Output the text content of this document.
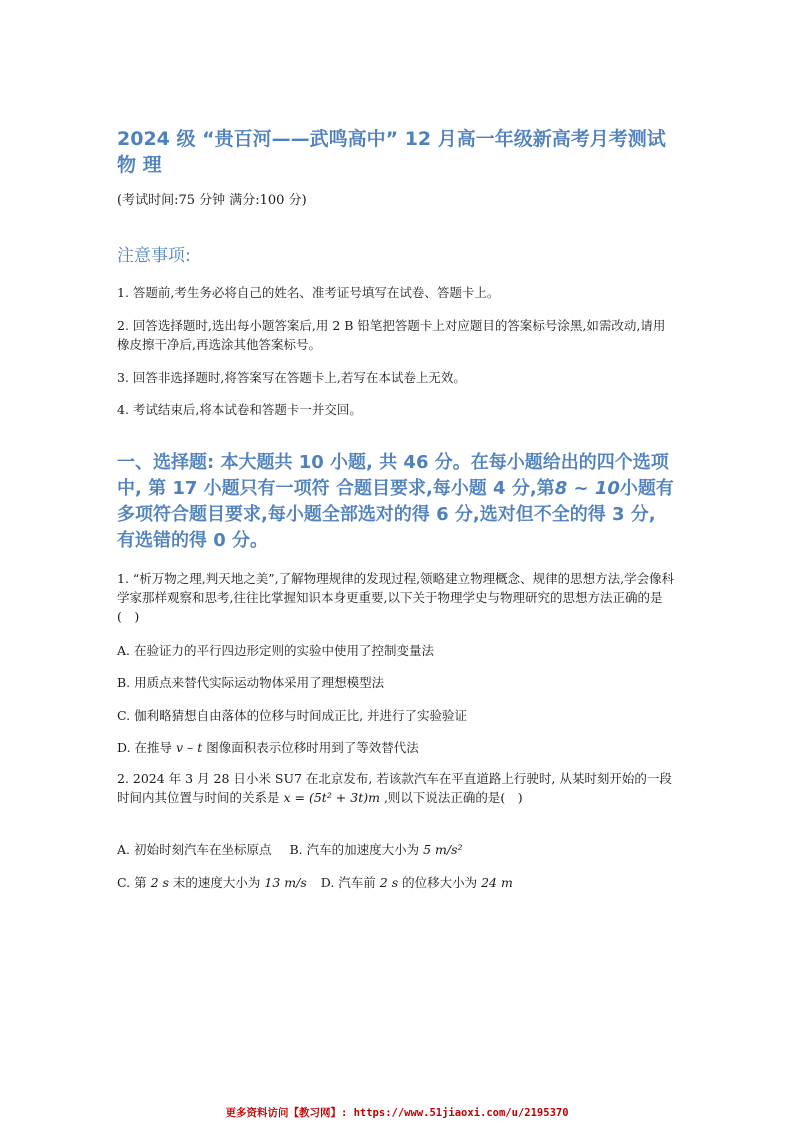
2024 级 “贵百河——武鸣高中” 12 月高一年级新高考月考测试 物 理
(考试时间:75 分钟 满分:100 分)
注意事项:
1. 答题前,考生务必将自己的姓名、准考证号填写在试卷、答题卡上。
2. 回答选择题时,选出每小题答案后,用 2 B 铅笔把答题卡上对应题目的答案标号涂黑,如需改动,请用橡皮擦干净后,再选涂其他答案标号。
3. 回答非选择题时,将答案写在答题卡上,若写在本试卷上无效。
4. 考试结束后,将本试卷和答题卡一并交回。
一、选择题: 本大题共 10 小题, 共 46 分。在每小题给出的四个选项中, 第 17 小题只有一项符 合题目要求,每小题 4 分,第8 ~ 10小题有多项符合题目要求,每小题全部选对的得 6 分,选对但不全的得 3 分, 有选错的得 0 分。
1. “析万物之理,判天地之美”,了解物理规律的发现过程,领略建立物理概念、规律的思想方法,学会像科学家那样观察和思考,往往比掌握知识本身更重要,以下关于物理学史与物理研究的思想方法正确的是(　)
A. 在验证力的平行四边形定则的实验中使用了控制变量法
B. 用质点来替代实际运动物体采用了理想模型法
C. 伽利略猜想自由落体的位移与时间成正比, 并进行了实验验证
D. 在推导 v – t 图像面积表示位移时用到了等效替代法
2. 2024 年 3 月 28 日小米 SU7 在北京发布, 若该款汽车在平直道路上行驶时, 从某时刻开始的一段时间内其位置与时间的关系是 x = (5t² + 3t)m ,则以下说法正确的是(　)
A. 初始时刻汽车在坐标原点 B. 汽车的加速度大小为 5 m/s²
C. 第 2 s 末的速度大小为 13 m/s D. 汽车前 2 s 的位移大小为 24 m
更多资料访问【教习网】: https://www.51jiaoxi.com/u/2195370
